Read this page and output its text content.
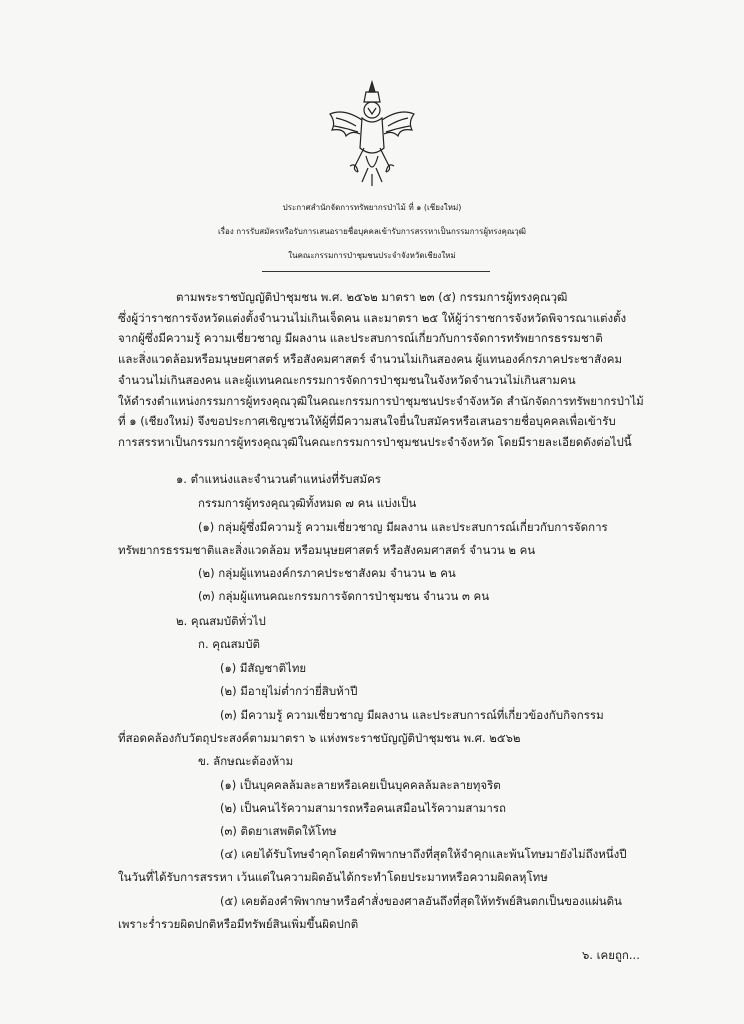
ประกาศสำนักจัดการทรัพยากรป่าไม้ ที่ ๑ (เชียงใหม่)
เรื่อง การรับสมัครหรือรับการเสนอรายชื่อบุคคลเข้ารับการสรรหาเป็นกรรมการผู้ทรงคุณวุฒิ
ในคณะกรรมการป่าชุมชนประจำจังหวัดเชียงใหม่
ตามพระราชบัญญัติป่าชุมชน พ.ศ. ๒๕๖๒ มาตรา ๒๓ (๕) กรรมการผู้ทรงคุณวุฒิ
ซึ่งผู้ว่าราชการจังหวัดแต่งตั้งจำนวนไม่เกินเจ็ดคน และมาตรา ๒๕ ให้ผู้ว่าราชการจังหวัดพิจารณาแต่งตั้ง
จากผู้ซึ่งมีความรู้ ความเชี่ยวชาญ มีผลงาน และประสบการณ์เกี่ยวกับการจัดการทรัพยากรธรรมชาติ
และสิ่งแวดล้อมหรือมนุษยศาสตร์ หรือสังคมศาสตร์ จำนวนไม่เกินสองคน ผู้แทนองค์กรภาคประชาสังคม
จำนวนไม่เกินสองคน และผู้แทนคณะกรรมการจัดการป่าชุมชนในจังหวัดจำนวนไม่เกินสามคน
ให้ดำรงตำแหน่งกรรมการผู้ทรงคุณวุฒิในคณะกรรมการป่าชุมชนประจำจังหวัด สำนักจัดการทรัพยากรป่าไม้
ที่ ๑ (เชียงใหม่) จึงขอประกาศเชิญชวนให้ผู้ที่มีความสนใจยื่นใบสมัครหรือเสนอรายชื่อบุคคลเพื่อเข้ารับ
การสรรหาเป็นกรรมการผู้ทรงคุณวุฒิในคณะกรรมการป่าชุมชนประจำจังหวัด โดยมีรายละเอียดดังต่อไปนี้
๑. ตำแหน่งและจำนวนตำแหน่งที่รับสมัคร
กรรมการผู้ทรงคุณวุฒิทั้งหมด ๗ คน แบ่งเป็น
(๑) กลุ่มผู้ซึ่งมีความรู้ ความเชี่ยวชาญ มีผลงาน และประสบการณ์เกี่ยวกับการจัดการ
ทรัพยากรธรรมชาติและสิ่งแวดล้อม หรือมนุษยศาสตร์ หรือสังคมศาสตร์ จำนวน ๒ คน
(๒) กลุ่มผู้แทนองค์กรภาคประชาสังคม จำนวน ๒ คน
(๓) กลุ่มผู้แทนคณะกรรมการจัดการป่าชุมชน จำนวน ๓ คน
๒. คุณสมบัติทั่วไป
ก. คุณสมบัติ
(๑) มีสัญชาติไทย
(๒) มีอายุไม่ต่ำกว่ายี่สิบห้าปี
(๓) มีความรู้ ความเชี่ยวชาญ มีผลงาน และประสบการณ์ที่เกี่ยวข้องกับกิจกรรม
ที่สอดคล้องกับวัตถุประสงค์ตามมาตรา ๖ แห่งพระราชบัญญัติป่าชุมชน พ.ศ. ๒๕๖๒
ข. ลักษณะต้องห้าม
(๑) เป็นบุคคลล้มละลายหรือเคยเป็นบุคคลล้มละลายทุจริต
(๒) เป็นคนไร้ความสามารถหรือคนเสมือนไร้ความสามารถ
(๓) ติดยาเสพติดให้โทษ
(๔) เคยได้รับโทษจำคุกโดยคำพิพากษาถึงที่สุดให้จำคุกและพ้นโทษมายังไม่ถึงหนึ่งปี
ในวันที่ได้รับการสรรหา เว้นแต่ในความผิดอันได้กระทำโดยประมาทหรือความผิดลหุโทษ
(๕) เคยต้องคำพิพากษาหรือคำสั่งของศาลอันถึงที่สุดให้ทรัพย์สินตกเป็นของแผ่นดิน
เพราะร่ำรวยผิดปกติหรือมีทรัพย์สินเพิ่มขึ้นผิดปกติ
๖. เคยถูก...
